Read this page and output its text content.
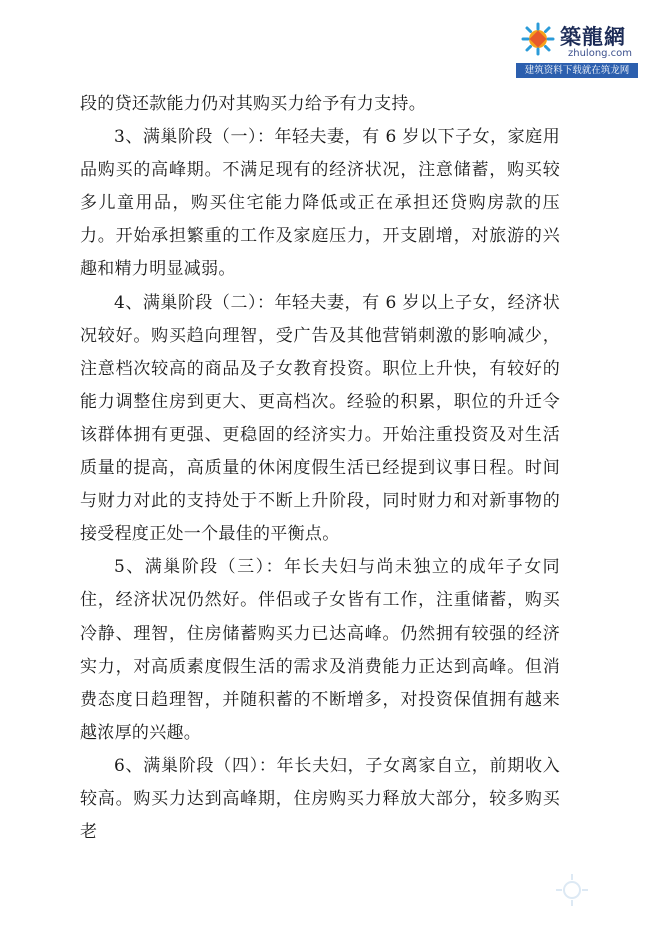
築龍網
zhulong.com
建筑资料下载就在筑龙网

段的贷还款能力仍对其购买力给予有力支持。

3、满巢阶段（一）：年轻夫妻，有 6 岁以下子女，家庭用品购买的高峰期。不满足现有的经济状况，注意储蓄，购买较多儿童用品，购买住宅能力降低或正在承担还贷购房款的压力。开始承担繁重的工作及家庭压力，开支剧增，对旅游的兴趣和精力明显减弱。

4、满巢阶段（二）：年轻夫妻，有 6 岁以上子女，经济状况较好。购买趋向理智，受广告及其他营销刺激的影响减少，注意档次较高的商品及子女教育投资。职位上升快，有较好的能力调整住房到更大、更高档次。经验的积累，职位的升迁令该群体拥有更强、更稳固的经济实力。开始注重投资及对生活质量的提高，高质量的休闲度假生活已经提到议事日程。时间与财力对此的支持处于不断上升阶段，同时财力和对新事物的接受程度正处一个最佳的平衡点。

5、满巢阶段（三）：年长夫妇与尚未独立的成年子女同住，经济状况仍然好。伴侣或子女皆有工作，注重储蓄，购买冷静、理智，住房储蓄购买力已达高峰。仍然拥有较强的经济实力，对高质素度假生活的需求及消费能力正达到高峰。但消费态度日趋理智，并随积蓄的不断增多，对投资保值拥有越来越浓厚的兴趣。

6、满巢阶段（四）：年长夫妇，子女离家自立，前期收入较高。购买力达到高峰期，住房购买力释放大部分，较多购买老
